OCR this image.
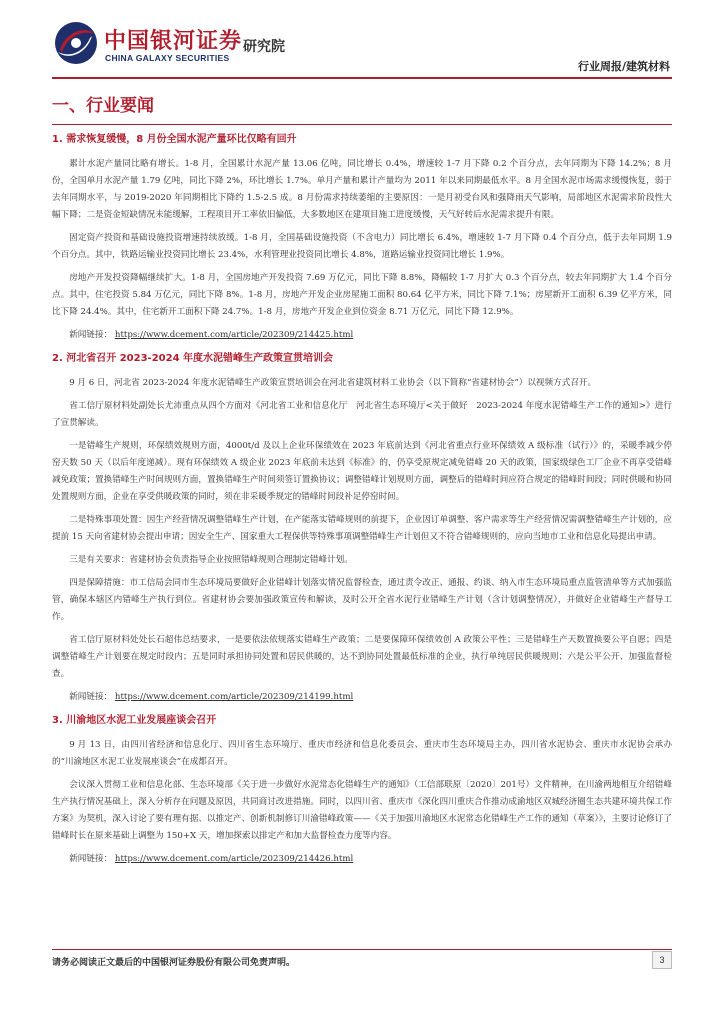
中国银河证券
CHINA GALAXY SECURITIES
研究院
行业周报/建筑材料
一、行业要闻
1. 需求恢复缓慢，8 月份全国水泥产量环比仅略有回升

累计水泥产量同比略有增长。1-8 月，全国累计水泥产量 13.06 亿吨，同比增长 0.4%，增速较 1-7 月下降 0.2 个百分点，去年同期为下降 14.2%；8 月份，全国单月水泥产量 1.79 亿吨，同比下降 2%，环比增长 1.7%。单月产量和累计产量均为 2011 年以来同期最低水平。8 月全国水泥市场需求缓慢恢复，弱于去年同期水平，与 2019-2020 年同期相比下降约 1.5-2.5 成。8 月份需求持续萎缩的主要原因：一是月初受台风和强降雨天气影响，局部地区水泥需求阶段性大幅下降；二是资金短缺情况未能缓解，工程项目开工率依旧偏低，大多数地区在建项目施工进度缓慢，天气好转后水泥需求提升有限。

固定资产投资和基础设施投资增速持续放缓。1-8 月，全国基础设施投资（不含电力）同比增长 6.4%，增速较 1-7 月下降 0.4 个百分点，低于去年同期 1.9 个百分点。其中，铁路运输业投资同比增长 23.4%，水利管理业投资同比增长 4.8%，道路运输业投资同比增长 1.9%。

房地产开发投资降幅继续扩大。1-8 月，全国房地产开发投资 7.69 万亿元，同比下降 8.8%，降幅较 1-7 月扩大 0.3 个百分点，较去年同期扩大 1.4 个百分点。其中，住宅投资 5.84 万亿元，同比下降 8%。1-8 月，房地产开发企业房屋施工面积 80.64 亿平方米，同比下降 7.1%；房屋新开工面积 6.39 亿平方米，同比下降 24.4%。其中，住宅新开工面积下降 24.7%。1-8 月，房地产开发企业到位资金 8.71 万亿元，同比下降 12.9%。

新闻链接： https://www.dcement.com/article/202309/214425.html

2. 河北省召开 2023-2024 年度水泥错峰生产政策宣贯培训会

9 月 6 日，河北省 2023-2024 年度水泥错峰生产政策宣贯培训会在河北省建筑材料工业协会（以下简称“省建材协会”）以视频方式召开。

省工信厅原材料处副处长尤沛重点从四个方面对《河北省工业和信息化厅　河北省生态环境厅<关于做好　2023-2024 年度水泥错峰生产工作的通知>》进行了宣贯解读。

一是错峰生产规则，环保绩效规则方面，4000t/d 及以上企业环保绩效在 2023 年底前达到《河北省重点行业环保绩效 A 级标准（试行）》的，采暖季减少停窑天数 50 天（以后年度递减）。现有环保绩效 A 级企业 2023 年底前未达到《标准》的，仍享受原规定减免错峰 20 天的政策，国家级绿色工厂企业不再享受错峰减免政策；置换错峰生产时间规则方面，置换错峰生产时间须签订置换协议；调整错峰计划规则方面，调整后的错峰时间应符合规定的错峰时间段；同时供暖和协同处置规则方面，企业在享受供暖政策的同时，须在非采暖季规定的错峰时间段补足停窑时间。

二是特殊事项处置：因生产经营情况调整错峰生产计划，在产能落实错峰规则的前提下，企业因订单调整、客户需求等生产经营情况需调整错峰生产计划的，应提前 15 天向省建材协会提出申请；因安全生产、国家重大工程保供等特殊事项调整错峰生产计划但又不符合错峰规则的，应向当地市工业和信息化局提出申请。

三是有关要求：省建材协会负责指导企业按照错峰规则合理制定错峰计划。

四是保障措施：市工信局会同市生态环境局要做好企业错峰计划落实情况监督检查，通过责令改正、通报、约谈、纳入市生态环境局重点监管清单等方式加强监管，确保本辖区内错峰生产执行到位。省建材协会要加强政策宣传和解读，及时公开全省水泥行业错峰生产计划（含计划调整情况），并做好企业错峰生产督导工作。

省工信厅原材料处处长石超伟总结要求，一是要依法依规落实错峰生产政策；二是要保障环保绩效创 A 政策公平性；三是错峰生产天数置换要公平自愿；四是调整错峰生产计划要在规定时段内；五是同时承担协同处置和居民供暖的，达不到协同处置最低标准的企业，执行单纯居民供暖规则；六是公平公开、加强监督检查。

新闻链接： https://www.dcement.com/article/202309/214199.html

3. 川渝地区水泥工业发展座谈会召开

9 月 13 日，由四川省经济和信息化厅、四川省生态环境厅、重庆市经济和信息化委员会、重庆市生态环境局主办，四川省水泥协会、重庆市水泥协会承办的“川渝地区水泥工业发展座谈会”在成都召开。

会议深入贯彻工业和信息化部、生态环境部《关于进一步做好水泥常态化错峰生产的通知》（工信部联原〔2020〕201号）文件精神，在川渝两地相互介绍错峰生产执行情况基础上，深入分析存在问题及原因，共同商讨改进措施。同时，以四川省、重庆市《深化四川重庆合作推动成渝地区双城经济圈生态共建环境共保工作方案》为契机，深入讨论了要有理有据、以推定产、创新机制修订川渝错峰政策——《关于加强川渝地区水泥常态化错峰生产工作的通知（草案）》，主要讨论修订了错峰时长在原来基础上调整为 150+X 天，增加探索以排定产和加大监督检查力度等内容。

新闻链接： https://www.dcement.com/article/202309/214426.html

请务必阅读正文最后的中国银河证券股份有限公司免责声明。	3
